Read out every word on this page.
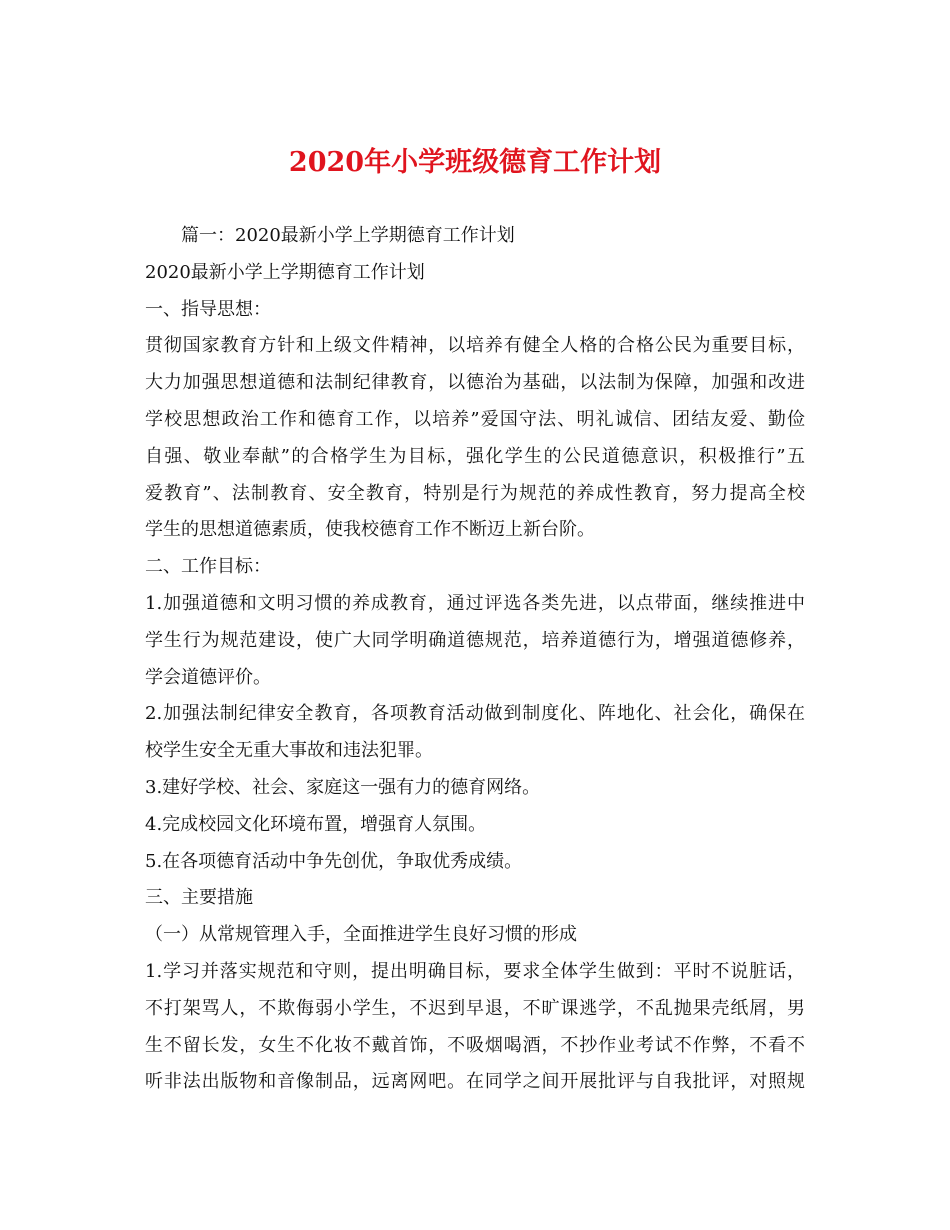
2020年小学班级德育工作计划
篇一：2020最新小学上学期德育工作计划
2020最新小学上学期德育工作计划
一、指导思想：
贯彻国家教育方针和上级文件精神，以培养有健全人格的合格公民为重要目标，
大力加强思想道德和法制纪律教育，以德治为基础，以法制为保障，加强和改进
学校思想政治工作和德育工作，以培养”爱国守法、明礼诚信、团结友爱、勤俭
自强、敬业奉献”的合格学生为目标，强化学生的公民道德意识，积极推行”五
爱教育”、法制教育、安全教育，特别是行为规范的养成性教育，努力提高全校
学生的思想道德素质，使我校德育工作不断迈上新台阶。
二、工作目标：
1.加强道德和文明习惯的养成教育，通过评选各类先进，以点带面，继续推进中
学生行为规范建设，使广大同学明确道德规范，培养道德行为，增强道德修养，
学会道德评价。
2.加强法制纪律安全教育，各项教育活动做到制度化、阵地化、社会化，确保在
校学生安全无重大事故和违法犯罪。
3.建好学校、社会、家庭这一强有力的德育网络。
4.完成校园文化环境布置，增强育人氛围。
5.在各项德育活动中争先创优，争取优秀成绩。
三、主要措施
（一）从常规管理入手，全面推进学生良好习惯的形成
1.学习并落实规范和守则，提出明确目标，要求全体学生做到：平时不说脏话，
不打架骂人，不欺侮弱小学生，不迟到早退，不旷课逃学，不乱抛果壳纸屑，男
生不留长发，女生不化妆不戴首饰，不吸烟喝酒，不抄作业考试不作弊，不看不
听非法出版物和音像制品，远离网吧。在同学之间开展批评与自我批评，对照规
